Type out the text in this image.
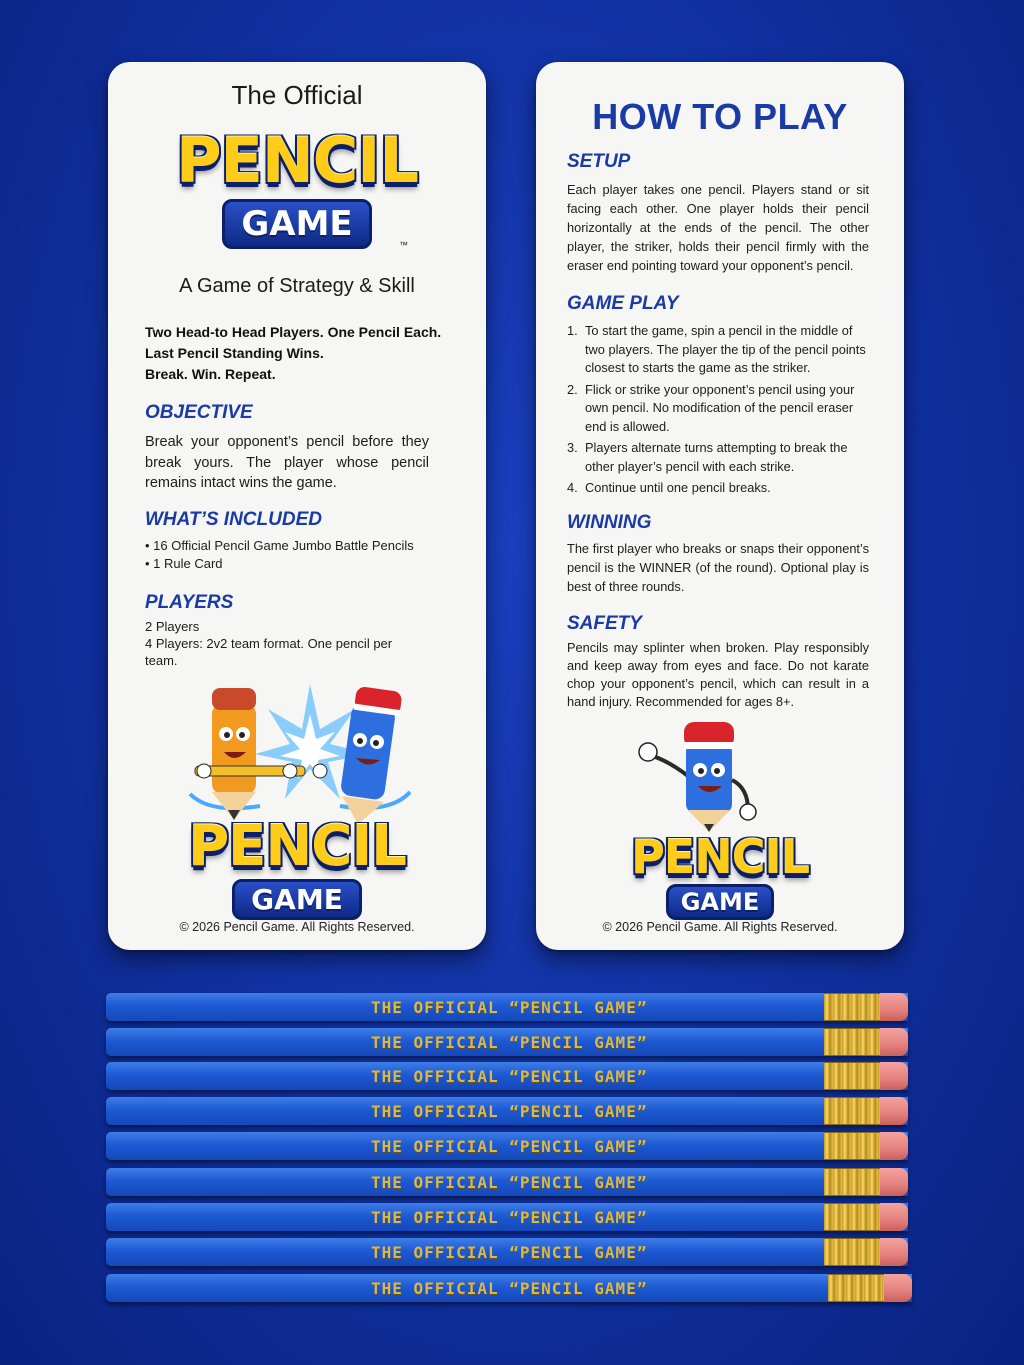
The Official
PENCIL
GAME
™
A Game of Strategy & Skill
Two Head-to Head Players. One Pencil Each.
Last Pencil Standing Wins.
Break. Win. Repeat.
OBJECTIVE
Break your opponent’s pencil before they break yours. The player whose pencil remains intact wins the game.
WHAT’S INCLUDED
• 16 Official Pencil Game Jumbo Battle Pencils
• 1 Rule Card
PLAYERS
2 Players
4 Players: 2v2 team format. One pencil per team.
PENCIL
GAME
© 2026 Pencil Game. All Rights Reserved.
HOW TO PLAY
SETUP
Each player takes one pencil. Players stand or sit facing each other. One player holds their pencil horizontally at the ends of the pencil. The other player, the striker, holds their pencil firmly with the eraser end pointing toward your opponent’s pencil.
GAME PLAY
1. To start the game, spin a pencil in the middle of two players. The player the tip of the pencil points closest to starts the game as the striker.
2. Flick or strike your opponent’s pencil using your own pencil. No modification of the pencil eraser end is allowed.
3. Players alternate turns attempting to break the other player’s pencil with each strike.
4. Continue until one pencil breaks.
WINNING
The first player who breaks or snaps their opponent’s pencil is the WINNER (of the round). Optional play is best of three rounds.
SAFETY
Pencils may splinter when broken. Play responsibly and keep away from eyes and face. Do not karate chop your opponent’s pencil, which can result in a hand injury. Recommended for ages 8+.
PENCIL
GAME
© 2026 Pencil Game. All Rights Reserved.
THE OFFICIAL “PENCIL GAME”
THE OFFICIAL “PENCIL GAME”
THE OFFICIAL “PENCIL GAME”
THE OFFICIAL “PENCIL GAME”
THE OFFICIAL “PENCIL GAME”
THE OFFICIAL “PENCIL GAME”
THE OFFICIAL “PENCIL GAME”
THE OFFICIAL “PENCIL GAME”
THE OFFICIAL “PENCIL GAME”
